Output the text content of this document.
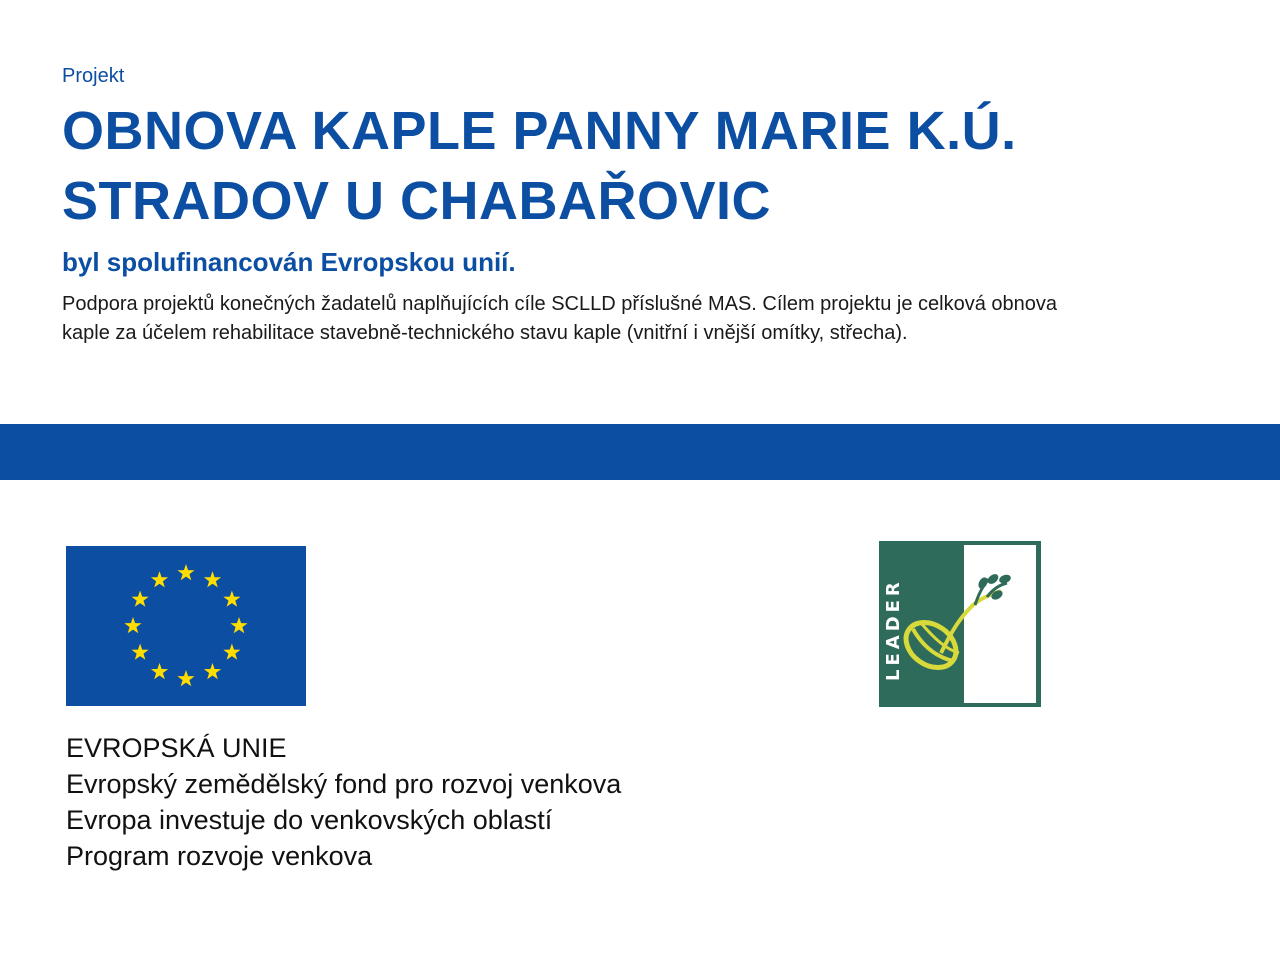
Projekt
OBNOVA KAPLE PANNY MARIE K.Ú.
STRADOV U CHABAŘOVIC
byl spolufinancován Evropskou unií.

Podpora projektů konečných žadatelů naplňujících cíle SCLLD příslušné MAS. Cílem projektu je celková obnova
kaple za účelem rehabilitace stavebně-technického stavu kaple (vnitřní i vnější omítky, střecha).

EVROPSKÁ UNIE
Evropský zemědělský fond pro rozvoj venkova
Evropa investuje do venkovských oblastí
Program rozvoje venkova
LEADER
